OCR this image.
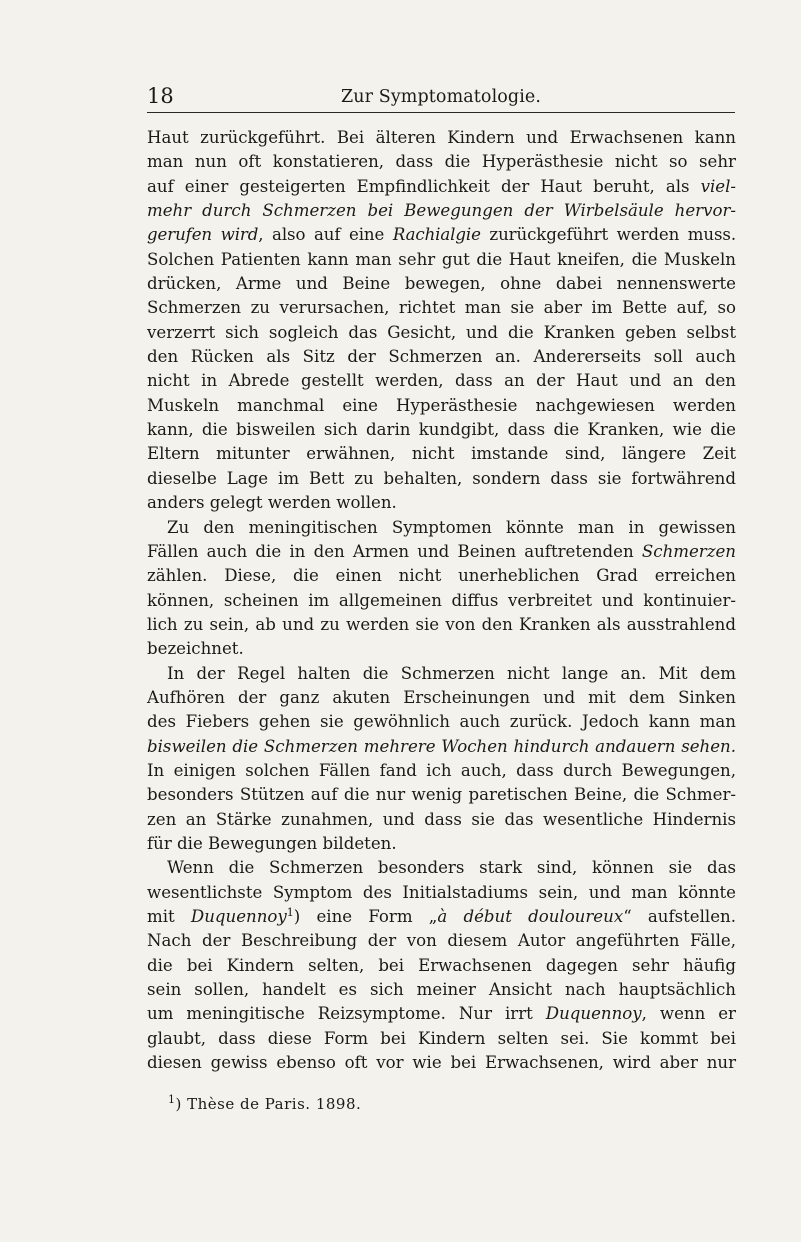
18	Zur Symptomatologie.
Haut zurückgeführt. Bei älteren Kindern und Erwachsenen kann
man nun oft konstatieren, dass die Hyperästhesie nicht so sehr
auf einer gesteigerten Empfindlichkeit der Haut beruht, als viel-
mehr durch Schmerzen bei Bewegungen der Wirbelsäule hervor-
gerufen wird, also auf eine Rachialgie zurückgeführt werden muss.
Solchen Patienten kann man sehr gut die Haut kneifen, die Muskeln
drücken, Arme und Beine bewegen, ohne dabei nennenswerte
Schmerzen zu verursachen, richtet man sie aber im Bette auf, so
verzerrt sich sogleich das Gesicht, und die Kranken geben selbst
den Rücken als Sitz der Schmerzen an. Andererseits soll auch
nicht in Abrede gestellt werden, dass an der Haut und an den
Muskeln manchmal eine Hyperästhesie nachgewiesen werden
kann, die bisweilen sich darin kundgibt, dass die Kranken, wie die
Eltern mitunter erwähnen, nicht imstande sind, längere Zeit
dieselbe Lage im Bett zu behalten, sondern dass sie fortwährend
anders gelegt werden wollen.
Zu den meningitischen Symptomen könnte man in gewissen
Fällen auch die in den Armen und Beinen auftretenden Schmerzen
zählen. Diese, die einen nicht unerheblichen Grad erreichen
können, scheinen im allgemeinen diffus verbreitet und kontinuier-
lich zu sein, ab und zu werden sie von den Kranken als ausstrahlend
bezeichnet.
In der Regel halten die Schmerzen nicht lange an. Mit dem
Aufhören der ganz akuten Erscheinungen und mit dem Sinken
des Fiebers gehen sie gewöhnlich auch zurück. Jedoch kann man
bisweilen die Schmerzen mehrere Wochen hindurch andauern sehen.
In einigen solchen Fällen fand ich auch, dass durch Bewegungen,
besonders Stützen auf die nur wenig paretischen Beine, die Schmer-
zen an Stärke zunahmen, und dass sie das wesentliche Hindernis
für die Bewegungen bildeten.
Wenn die Schmerzen besonders stark sind, können sie das
wesentlichste Symptom des Initialstadiums sein, und man könnte
mit Duquennoy$^1$) eine Form „à début douloureux“ aufstellen.
Nach der Beschreibung der von diesem Autor angeführten Fälle,
die bei Kindern selten, bei Erwachsenen dagegen sehr häufig
sein sollen, handelt es sich meiner Ansicht nach hauptsächlich
um meningitische Reizsymptome. Nur irrt Duquennoy, wenn er
glaubt, dass diese Form bei Kindern selten sei. Sie kommt bei
diesen gewiss ebenso oft vor wie bei Erwachsenen, wird aber nur
$^1$) Thèse de Paris. 1898.
